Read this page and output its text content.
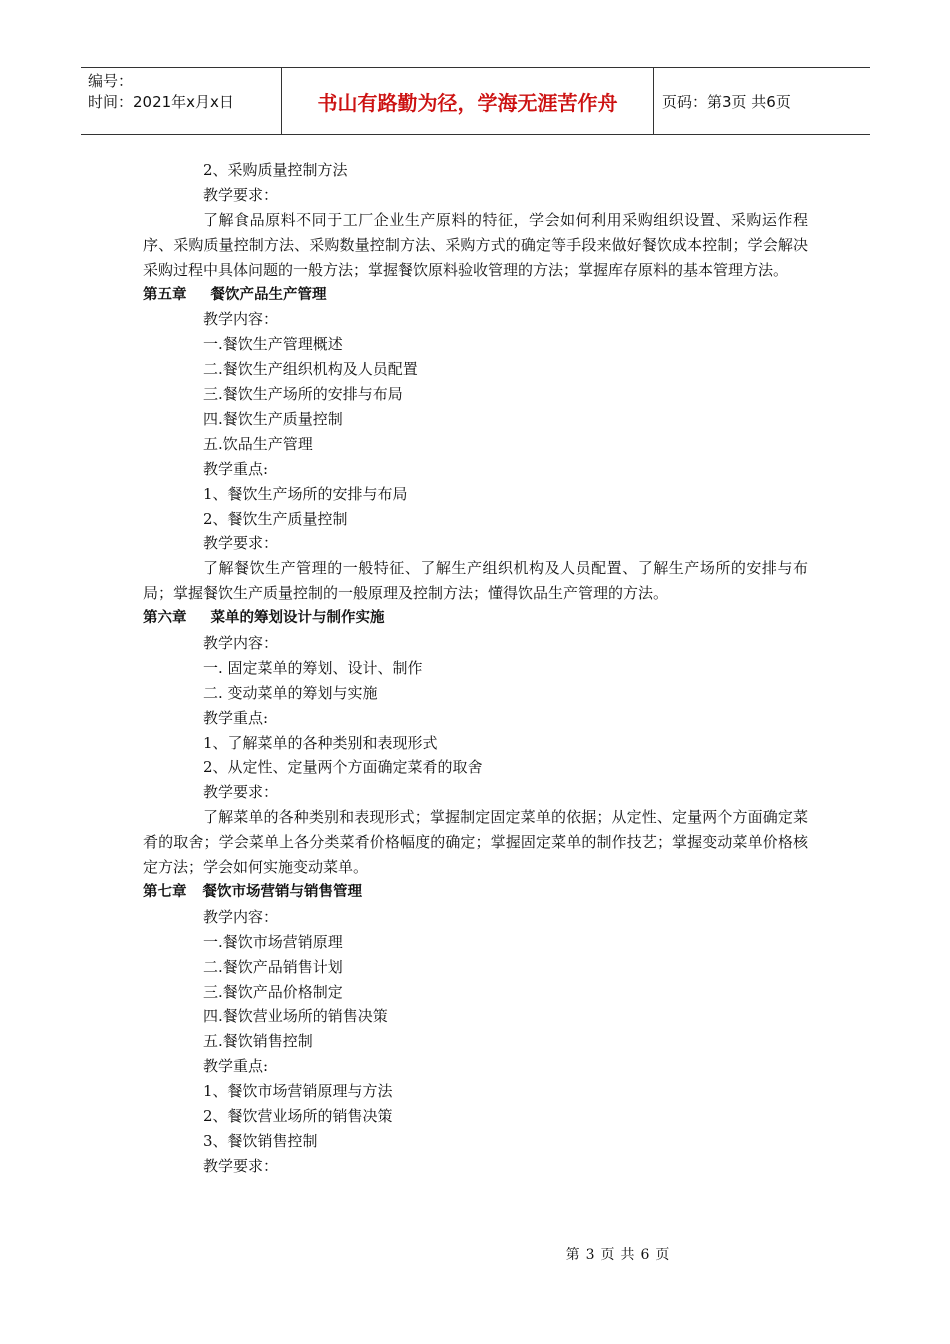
编号：
时间：2021年x月x日	书山有路勤为径，学海无涯苦作舟	页码：第3页 共6页
2、采购质量控制方法
教学要求：
了解食品原料不同于工厂企业生产原料的特征，学会如何利用采购组织设置、采购运作程序、采购质量控制方法、采购数量控制方法、采购方式的确定等手段来做好餐饮成本控制；学会解决采购过程中具体问题的一般方法；掌握餐饮原料验收管理的方法；掌握库存原料的基本管理方法。
第五章 餐饮产品生产管理
教学内容：
一.餐饮生产管理概述
二.餐饮生产组织机构及人员配置
三.餐饮生产场所的安排与布局
四.餐饮生产质量控制
五.饮品生产管理
教学重点:
1、餐饮生产场所的安排与布局
2、餐饮生产质量控制
教学要求：
了解餐饮生产管理的一般特征、了解生产组织机构及人员配置、了解生产场所的安排与布局；掌握餐饮生产质量控制的一般原理及控制方法；懂得饮品生产管理的方法。
第六章 菜单的筹划设计与制作实施
教学内容：
一. 固定菜单的筹划、设计、制作
二. 变动菜单的筹划与实施
教学重点:
1、了解菜单的各种类别和表现形式
2、从定性、定量两个方面确定菜肴的取舍
教学要求：
了解菜单的各种类别和表现形式；掌握制定固定菜单的依据；从定性、定量两个方面确定菜肴的取舍；学会菜单上各分类菜肴价格幅度的确定；掌握固定菜单的制作技艺；掌握变动菜单价格核定方法；学会如何实施变动菜单。
第七章 餐饮市场营销与销售管理
教学内容：
一.餐饮市场营销原理
二.餐饮产品销售计划
三.餐饮产品价格制定
四.餐饮营业场所的销售决策
五.餐饮销售控制
教学重点:
1、餐饮市场营销原理与方法
2、餐饮营业场所的销售决策
3、餐饮销售控制
教学要求：
第 3 页 共 6 页
